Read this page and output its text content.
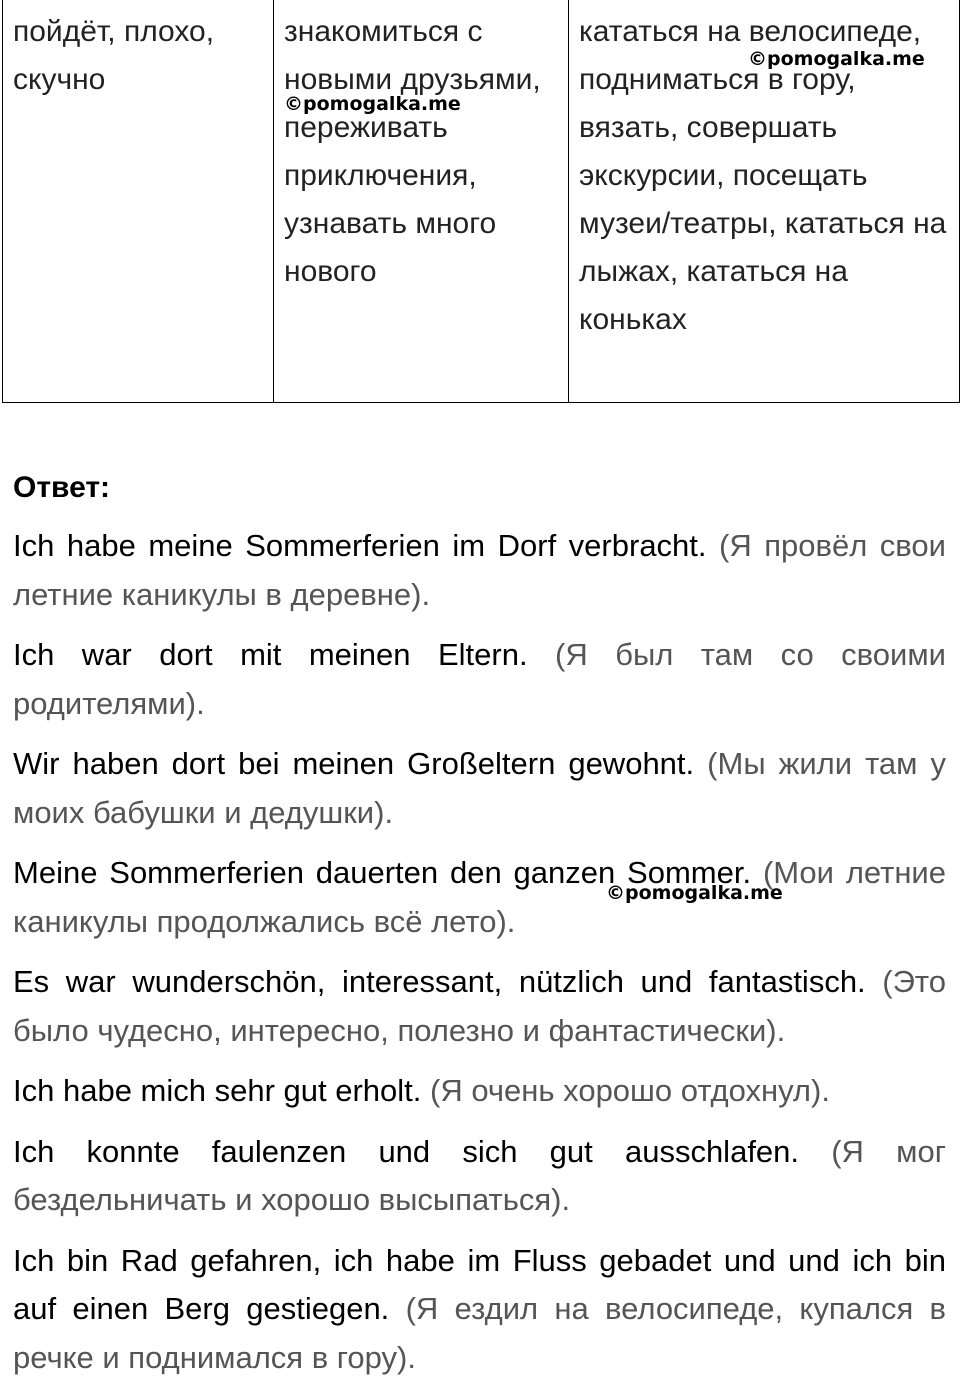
пойдёт, плохо, скучно	знакомиться с новыми друзьями, переживать приключения, узнавать много нового	кататься на велосипеде, подниматься в гору, вязать, совершать экскурсии, посещать музеи/театры, кататься на лыжах, кататься на коньках
©pomogalka.me
©pomogalka.me
Ответ:

Ich habe meine Sommerferien im Dorf verbracht. (Я провёл свои летние каникулы в деревне).

Ich war dort mit meinen Eltern. (Я был там со своими родителями).

Wir haben dort bei meinen Großeltern gewohnt. (Мы жили там у моих бабушки и дедушки).

Meine Sommerferien dauerten den ganzen Sommer. (Мои летние каникулы продолжались всё лето).

Es war wunderschön, interessant, nützlich und fantastisch. (Это было чудесно, интересно, полезно и фантастически).

Ich habe mich sehr gut erholt. (Я очень хорошо отдохнул).

Ich konnte faulenzen und sich gut ausschlafen. (Я мог бездельничать и хорошо высыпаться).

Ich bin Rad gefahren, ich habe im Fluss gebadet und und ich bin auf einen Berg gestiegen. (Я ездил на велосипеде, купался в речке и поднимался в гору).

©pomogalka.me
